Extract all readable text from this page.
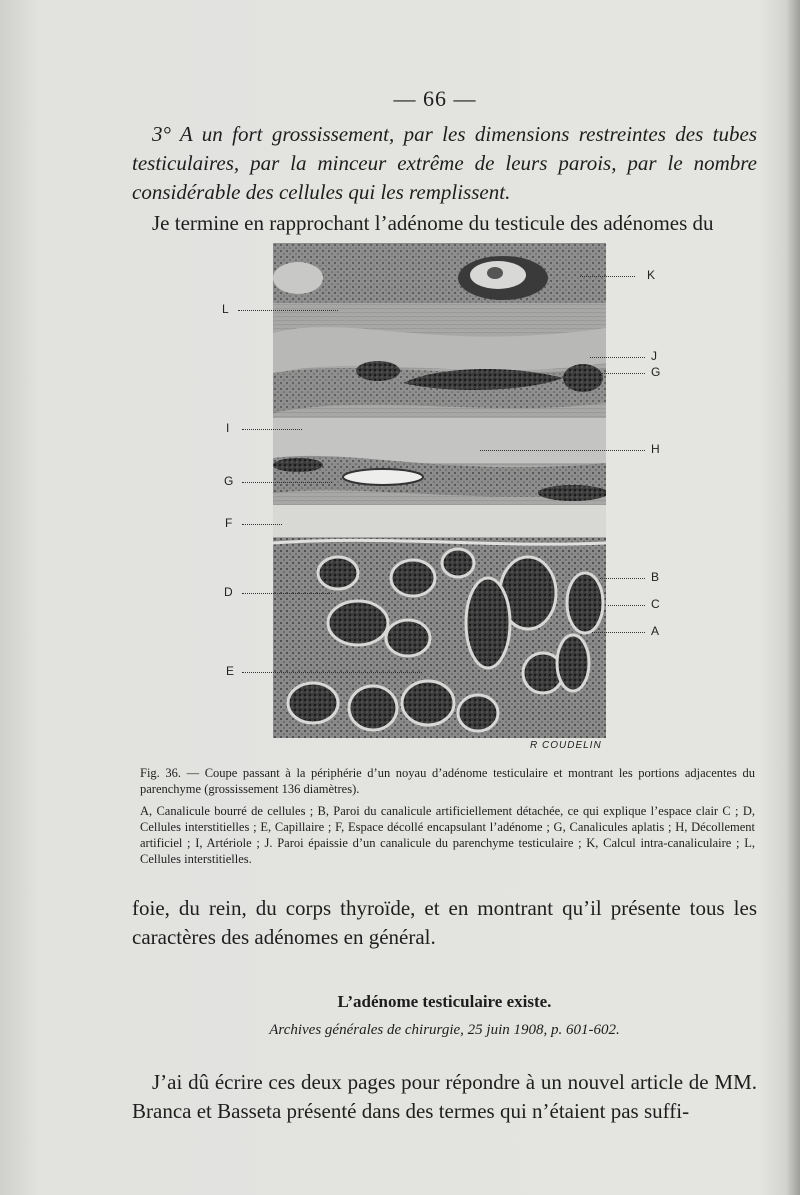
— 66 —

3° A un fort grossissement, par les dimensions restreintes des tubes testiculaires, par la minceur extrême de leurs parois, par le nombre considérable des cellules qui les remplissent.

Je termine en rapprochant l’adénome du testicule des adénomes du

R COUDELIN
K
J
G
H
B
C
A
L
I
G
F
D
E

Fig. 36. — Coupe passant à la périphérie d’un noyau d’adénome testiculaire et montrant les portions adjacentes du parenchyme (grossissement 136 diamètres).

A, Canalicule bourré de cellules ; B, Paroi du canalicule artificiellement détachée, ce qui explique l’espace clair C ; D, Cellules interstitielles ; E, Capillaire ; F, Espace décollé encapsulant l’adénome ; G, Canalicules aplatis ; H, Décollement artificiel ; I, Artériole ; J. Paroi épaissie d’un canalicule du parenchyme testiculaire ; K, Calcul intra-canaliculaire ; L, Cellules interstitielles.

foie, du rein, du corps thyroïde, et en montrant qu’il présente tous les caractères des adénomes en général.
L’adénome testiculaire existe.
Archives générales de chirurgie, 25 juin 1908, p. 601-602.
J’ai dû écrire ces deux pages pour répondre à un nouvel article de MM. Branca et Basseta présenté dans des termes qui n’étaient pas suffi-
